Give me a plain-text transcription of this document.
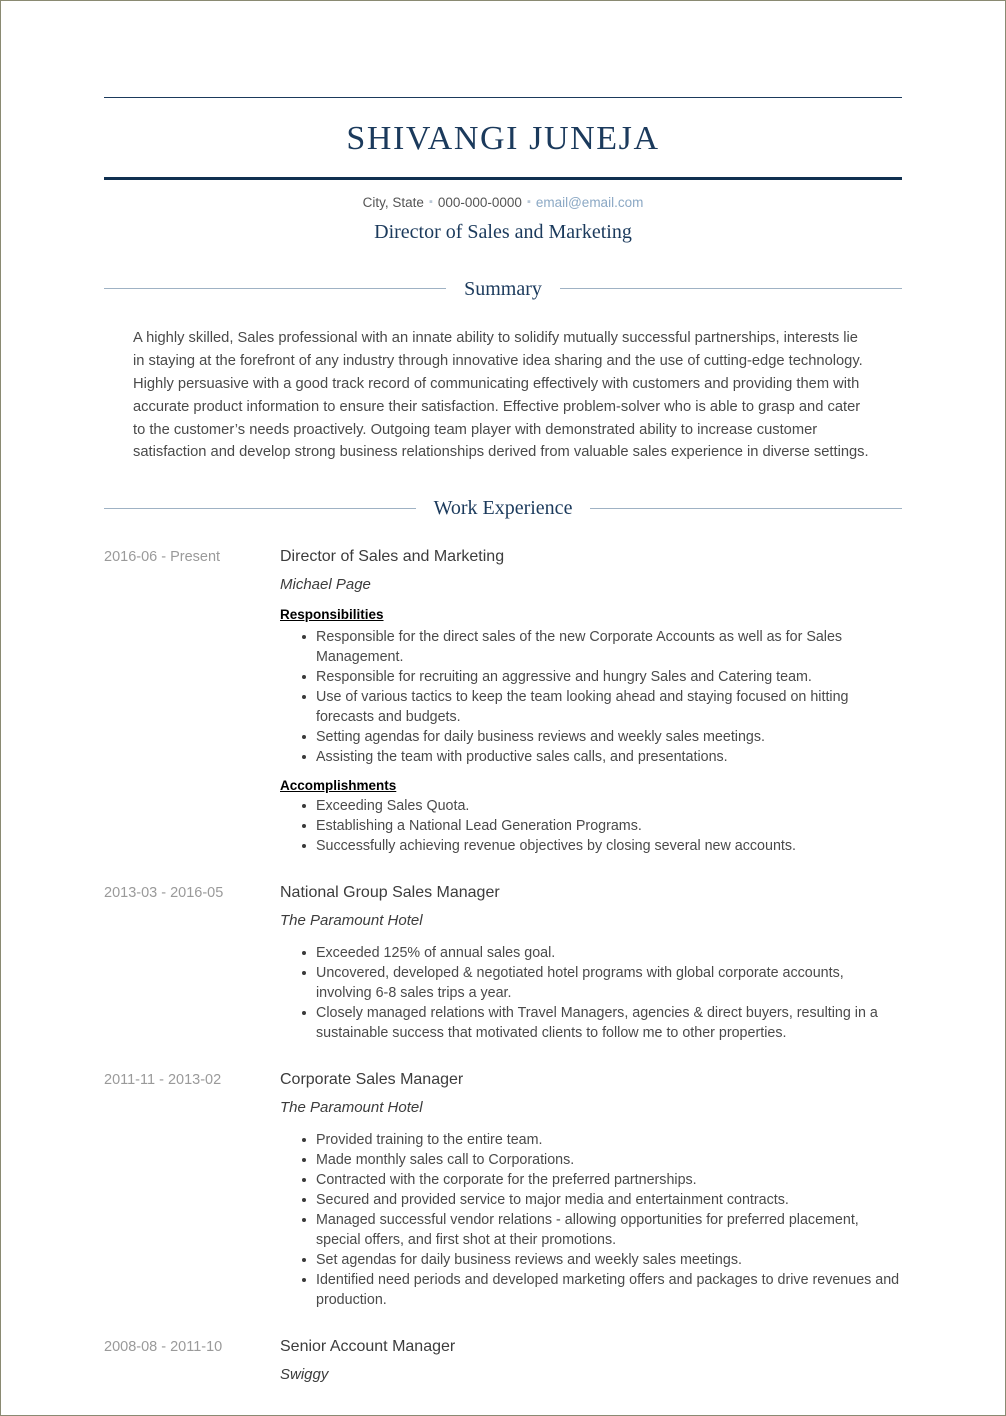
SHIVANGI JUNEJA
City, State ▪ 000-000-0000 ▪ email@email.com
Director of Sales and Marketing
Summary

A highly skilled, Sales professional with an innate ability to solidify mutually successful partnerships, interests lie in staying at the forefront of any industry through innovative idea sharing and the use of cutting-edge technology. Highly persuasive with a good track record of communicating effectively with customers and providing them with accurate product information to ensure their satisfaction. Effective problem-solver who is able to grasp and cater to the customer’s needs proactively. Outgoing team player with demonstrated ability to increase customer satisfaction and develop strong business relationships derived from valuable sales experience in diverse settings.

Work Experience
2016-06 - Present	Director of Sales and Marketing
Michael Page
Responsibilities
Responsible for the direct sales of the new Corporate Accounts as well as for Sales Management.
Responsible for recruiting an aggressive and hungry Sales and Catering team.
Use of various tactics to keep the team looking ahead and staying focused on hitting forecasts and budgets.
Setting agendas for daily business reviews and weekly sales meetings.
Assisting the team with productive sales calls, and presentations.
Accomplishments
Exceeding Sales Quota.
Establishing a National Lead Generation Programs.
Successfully achieving revenue objectives by closing several new accounts.
2013-03 - 2016-05	National Group Sales Manager
The Paramount Hotel
Exceeded 125% of annual sales goal.
Uncovered, developed & negotiated hotel programs with global corporate accounts, involving 6-8 sales trips a year.
Closely managed relations with Travel Managers, agencies & direct buyers, resulting in a sustainable success that motivated clients to follow me to other properties.
2011-11 - 2013-02	Corporate Sales Manager
The Paramount Hotel
Provided training to the entire team.
Made monthly sales call to Corporations.
Contracted with the corporate for the preferred partnerships.
Secured and provided service to major media and entertainment contracts.
Managed successful vendor relations - allowing opportunities for preferred placement, special offers, and first shot at their promotions.
Set agendas for daily business reviews and weekly sales meetings.
Identified need periods and developed marketing offers and packages to drive revenues and production.
2008-08 - 2011-10	Senior Account Manager
Swiggy
